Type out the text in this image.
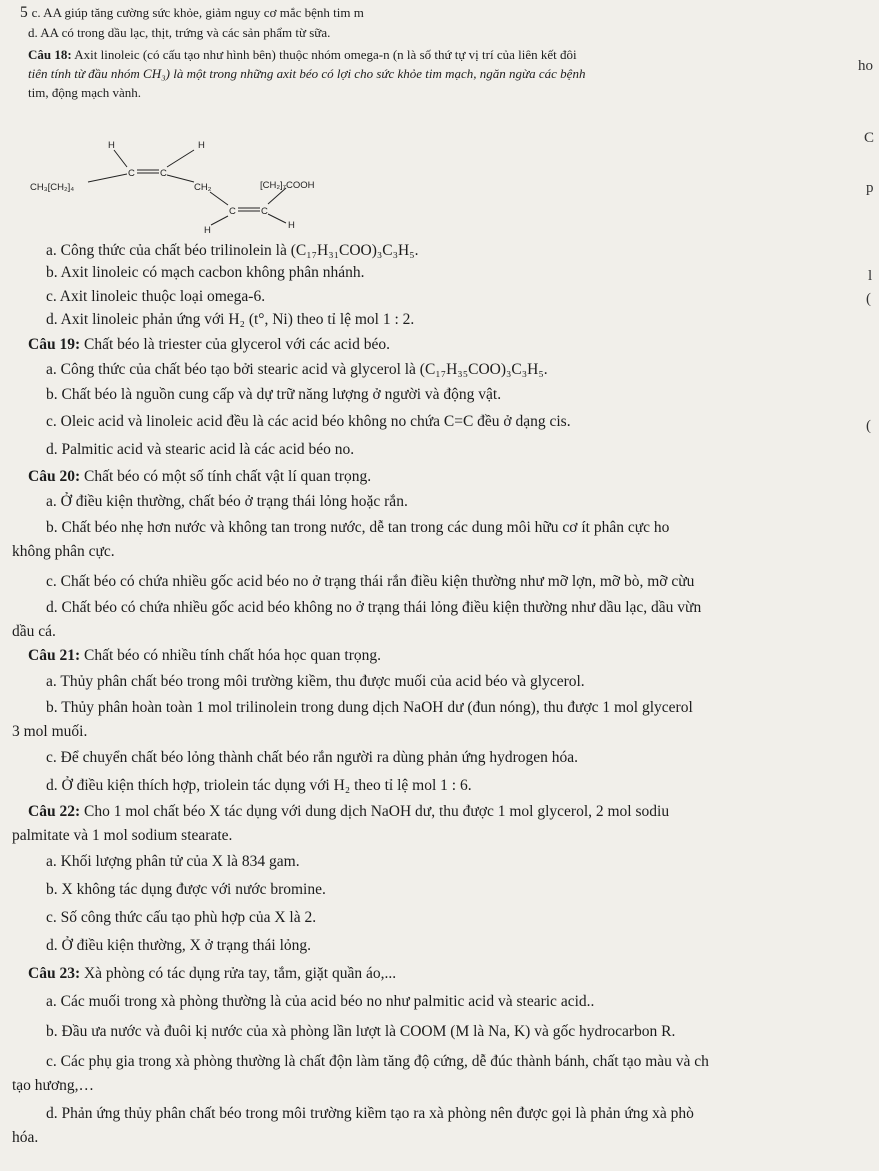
5 c. AA giúp tăng cường sức khỏe, giảm nguy cơ mắc bệnh tim m
d. AA có trong dầu lạc, thịt, trứng và các sản phẩm từ sữa.
Câu 18: Axit linoleic (có cấu tạo như hình bên) thuộc nhóm omega-n (n là số thứ tự vị trí của liên kết đôi
tiên tính từ đầu nhóm CH₃) là một trong những axit béo có lợi cho sức khỏe tim mạch, ngăn ngừa các bệnh
tim, động mạch vành.
H	H
C	C
CH₃[CH₂]₄	CH₂	[CH₂]₇COOH
C	C
H	H
a. Công thức của chất béo trilinolein là (C₁₇H₃₁COO)₃C₃H₅.
b. Axit linoleic có mạch cacbon không phân nhánh.
c. Axit linoleic thuộc loại omega-6.
d. Axit linoleic phản ứng với H₂ (t°, Ni) theo tỉ lệ mol 1 : 2.
ho
C
p
l
(
(
Câu 19: Chất béo là triester của glycerol với các acid béo.
a. Công thức của chất béo tạo bởi stearic acid và glycerol là (C₁₇H₃₅COO)₃C₃H₅.
b. Chất béo là nguồn cung cấp và dự trữ năng lượng ở người và động vật.
c. Oleic acid và linoleic acid đều là các acid béo không no chứa C=C đều ở dạng cis.
d. Palmitic acid và stearic acid là các acid béo no.
Câu 20: Chất béo có một số tính chất vật lí quan trọng.
a. Ở điều kiện thường, chất béo ở trạng thái lỏng hoặc rắn.
b. Chất béo nhẹ hơn nước và không tan trong nước, dễ tan trong các dung môi hữu cơ ít phân cực ho
không phân cực.
c. Chất béo có chứa nhiều gốc acid béo no ở trạng thái rắn điều kiện thường như mỡ lợn, mỡ bò, mỡ cừu
d. Chất béo có chứa nhiều gốc acid béo không no ở trạng thái lỏng điều kiện thường như dầu lạc, dầu vừn
dầu cá.
Câu 21: Chất béo có nhiều tính chất hóa học quan trọng.
a. Thủy phân chất béo trong môi trường kiềm, thu được muối của acid béo và glycerol.
b. Thủy phân hoàn toàn 1 mol trilinolein trong dung dịch NaOH dư (đun nóng), thu được 1 mol glycerol
3 mol muối.
c. Để chuyển chất béo lỏng thành chất béo rắn người ra dùng phản ứng hydrogen hóa.
d. Ở điều kiện thích hợp, triolein tác dụng với H₂ theo tỉ lệ mol 1 : 6.
Câu 22: Cho 1 mol chất béo X tác dụng với dung dịch NaOH dư, thu được 1 mol glycerol, 2 mol sodiu
palmitate và 1 mol sodium stearate.
a. Khối lượng phân tử của X là 834 gam.
b. X không tác dụng được với nước bromine.
c. Số công thức cấu tạo phù hợp của X là 2.
d. Ở điều kiện thường, X ở trạng thái lỏng.
Câu 23: Xà phòng có tác dụng rửa tay, tắm, giặt quần áo,...
a. Các muối trong xà phòng thường là của acid béo no như palmitic acid và stearic acid..
b. Đầu ưa nước và đuôi kị nước của xà phòng lần lượt là COOM (M là Na, K) và gốc hydrocarbon R.
c. Các phụ gia trong xà phòng thường là chất độn làm tăng độ cứng, dễ đúc thành bánh, chất tạo màu và ch
tạo hương,…
d. Phản ứng thủy phân chất béo trong môi trường kiềm tạo ra xà phòng nên được gọi là phản ứng xà phò
hóa.
